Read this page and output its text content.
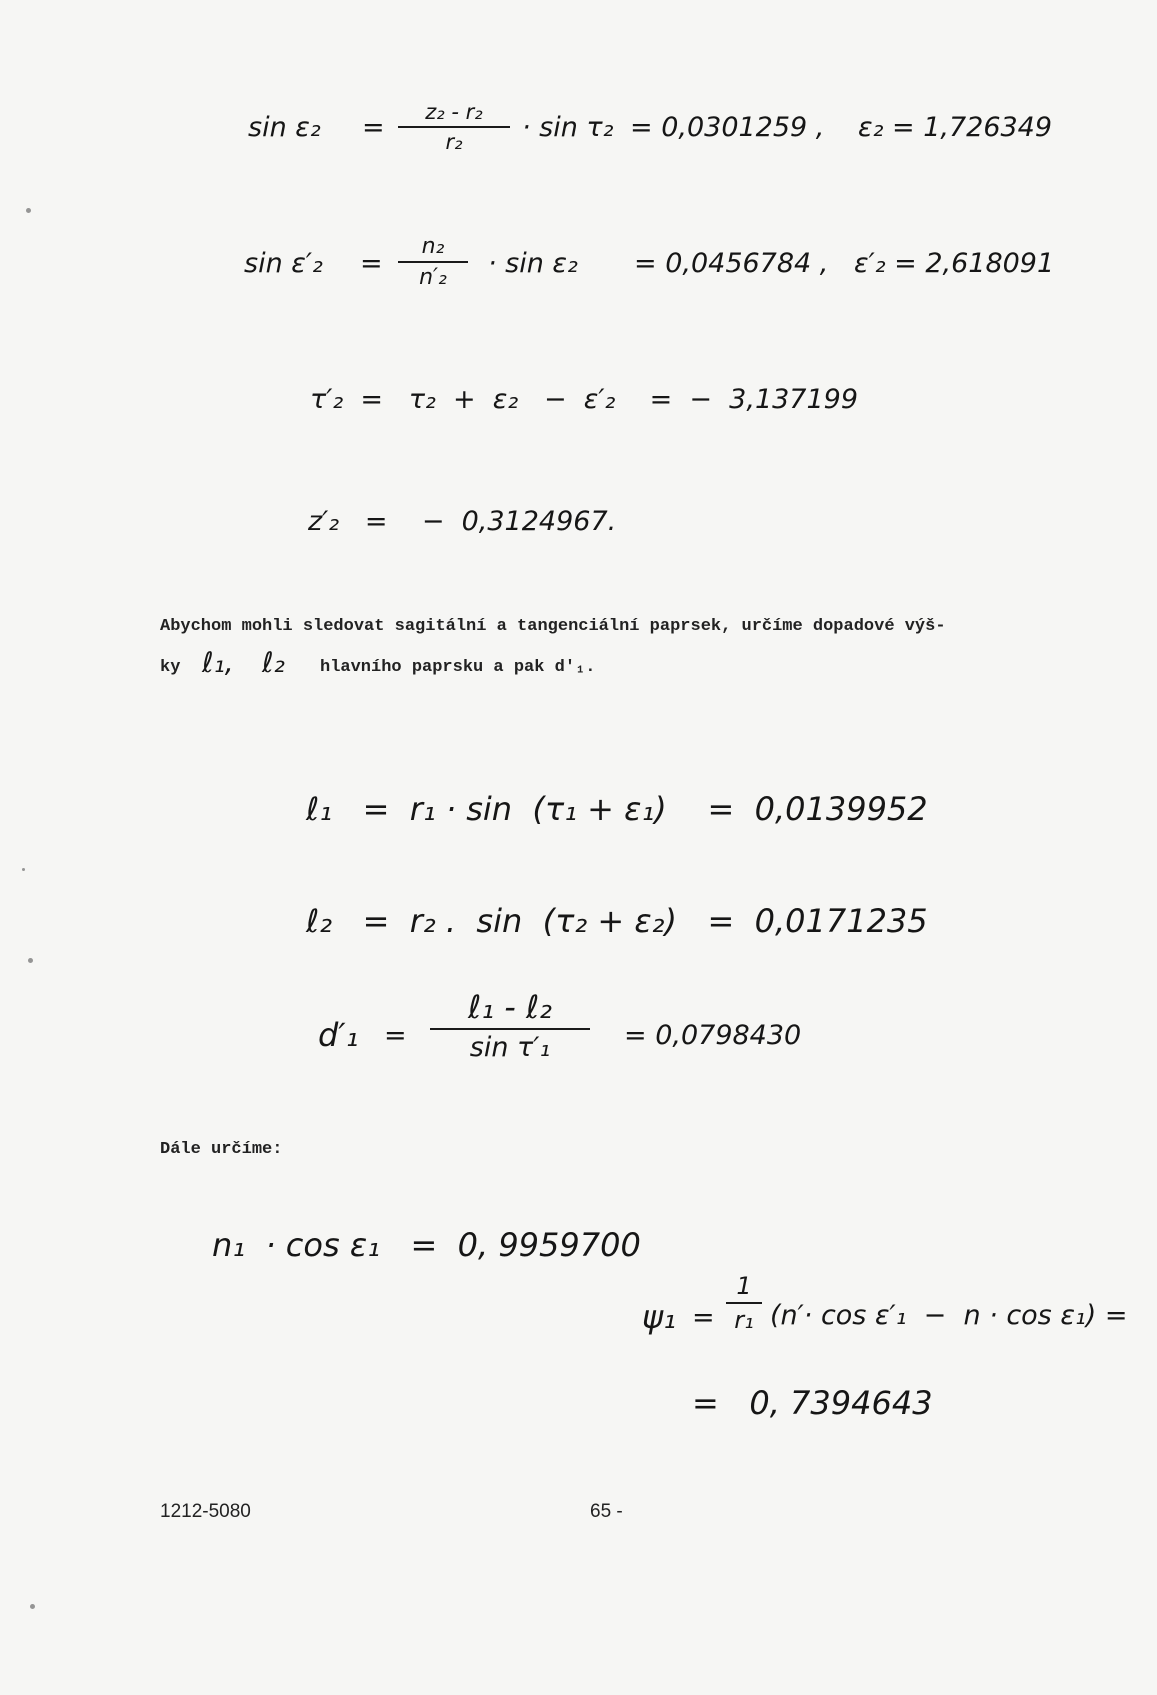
sin ε₂ =	z₂ - r₂
r₂	· sin τ₂ = 0,0301259 , ε₂ = 1,726349
sin ε′₂ =
n₂
n′₂	· sin ε₂ = 0,0456784 , ε′₂ = 2,618091
τ′₂  =   τ₂  +  ε₂   −  ε′₂    =  −  3,137199
z′₂   =    −  0,3124967.
Abychom mohli sledovat sagitální a tangenciální paprsek, určíme dopadové výš-
ky ℓ₁, ℓ₂ hlavního paprsku a pak d'₁.
ℓ₁   =  r₁ · sin  (τ₁ + ε₁)    =  0,0139952
ℓ₂   =  r₂ .  sin  (τ₂ + ε₂)   =  0,0171235
d′₁ =
ℓ₁ - ℓ₂
sin τ′₁	= 0,0798430
Dále určíme:
n₁  · cos ε₁   =  0, 9959700
ψ₁ =
1
r₁ (n′· cos ε′₁  −  n · cos ε₁) =
=   0, 7394643
1212-5080	65 -
